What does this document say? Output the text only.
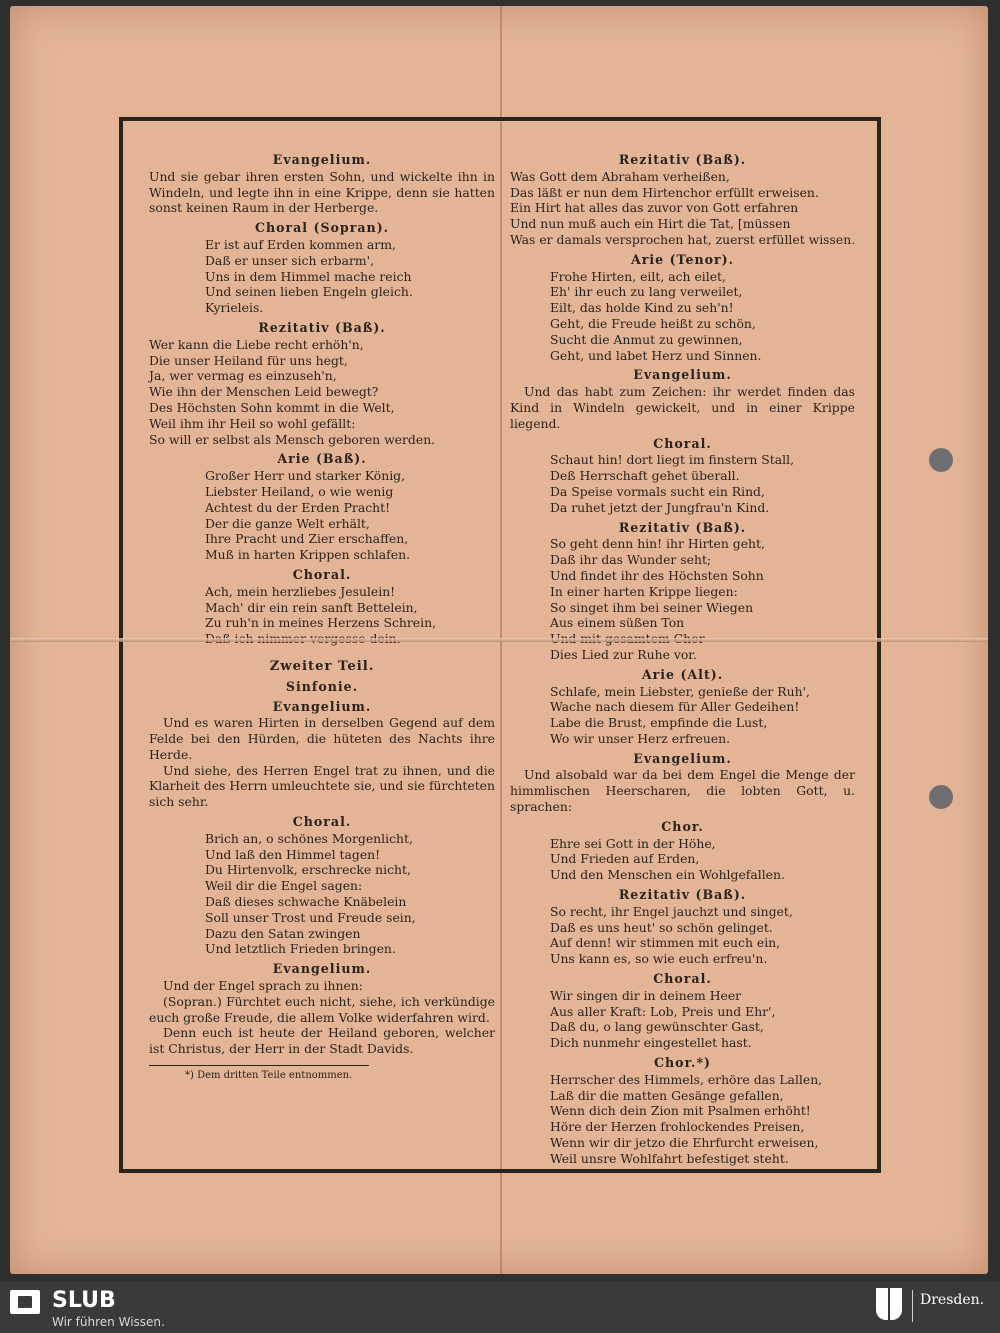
Evangelium.

Und sie gebar ihren ersten Sohn, und wickelte ihn in Windeln, und legte ihn in eine Krippe, denn sie hatten sonst keinen Raum in der Herberge.

Choral (Sopran).
Er ist auf Erden kommen arm,
Daß er unser sich erbarm',
Uns in dem Himmel mache reich
Und seinen lieben Engeln gleich.
Kyrieleis.
Rezitativ (Baß).
Wer kann die Liebe recht erhöh'n,
Die unser Heiland für uns hegt,
Ja, wer vermag es einzuseh'n,
Wie ihn der Menschen Leid bewegt?
Des Höchsten Sohn kommt in die Welt,
Weil ihm ihr Heil so wohl gefällt:
So will er selbst als Mensch geboren werden.
Arie (Baß).
Großer Herr und starker König,
Liebster Heiland, o wie wenig
Achtest du der Erden Pracht!
Der die ganze Welt erhält,
Ihre Pracht und Zier erschaffen,
Muß in harten Krippen schlafen.
Choral.
Ach, mein herzliebes Jesulein!
Mach' dir ein rein sanft Bettelein,
Zu ruh'n in meines Herzens Schrein,
Zweiter Teil.
Sinfonie.
Evangelium.

Und es waren Hirten in derselben Gegend auf dem Felde bei den Hürden, die hüteten des Nachts ihre Herde.

Und siehe, des Herren Engel trat zu ihnen, und die Klarheit des Herrn umleuchtete sie, und sie fürchteten sich sehr.

Choral.
Brich an, o schönes Morgenlicht,
Und laß den Himmel tagen!
Du Hirtenvolk, erschrecke nicht,
Weil dir die Engel sagen:
Daß dieses schwache Knäbelein
Soll unser Trost und Freude sein,
Dazu den Satan zwingen
Und letztlich Frieden bringen.
Evangelium.

Und der Engel sprach zu ihnen:

(Sopran.) Fürchtet euch nicht, siehe, ich verkündige euch große Freude, die allem Volke widerfahren wird.

Denn euch ist heute der Heiland geboren, welcher ist Christus, der Herr in der Stadt Davids.

*) Dem dritten Teile entnommen.
Rezitativ (Baß).
Was Gott dem Abraham verheißen,
Das läßt er nun dem Hirtenchor erfüllt erweisen.
Ein Hirt hat alles das zuvor von Gott erfahren
Und nun muß auch ein Hirt die Tat, [müssen
Was er damals versprochen hat, zuerst erfüllet wissen.
Arie (Tenor).
Frohe Hirten, eilt, ach eilet,
Eh' ihr euch zu lang verweilet,
Eilt, das holde Kind zu seh'n!
Geht, die Freude heißt zu schön,
Sucht die Anmut zu gewinnen,
Geht, und labet Herz und Sinnen.
Evangelium.

Und das habt zum Zeichen: ihr werdet finden das Kind in Windeln gewickelt, und in einer Krippe liegend.

Choral.
Schaut hin! dort liegt im finstern Stall,
Deß Herrschaft gehet überall.
Da Speise vormals sucht ein Rind,
Da ruhet jetzt der Jungfrau'n Kind.
Rezitativ (Baß).
So geht denn hin! ihr Hirten geht,
Daß ihr das Wunder seht;
Und findet ihr des Höchsten Sohn
In einer harten Krippe liegen:
So singet ihm bei seiner Wiegen
Aus einem süßen Ton
Dies Lied zur Ruhe vor.
Arie (Alt).
Schlafe, mein Liebster, genieße der Ruh',
Wache nach diesem für Aller Gedeihen!
Labe die Brust, empfinde die Lust,
Wo wir unser Herz erfreuen.
Evangelium.

Und alsobald war da bei dem Engel die Menge der himmlischen Heerscharen, die lobten Gott, u. sprachen:

Chor.
Ehre sei Gott in der Höhe,
Und Frieden auf Erden,
Und den Menschen ein Wohlgefallen.
Rezitativ (Baß).
So recht, ihr Engel jauchzt und singet,
Daß es uns heut' so schön gelinget.
Auf denn! wir stimmen mit euch ein,
Uns kann es, so wie euch erfreu'n.
Choral.
Wir singen dir in deinem Heer
Aus aller Kraft: Lob, Preis und Ehr',
Daß du, o lang gewünschter Gast,
Dich nunmehr eingestellet hast.
Chor.*)
Herrscher des Himmels, erhöre das Lallen,
Laß dir die matten Gesänge gefallen,
Wenn dich dein Zion mit Psalmen erhöht!
Höre der Herzen frohlockendes Preisen,
Wenn wir dir jetzo die Ehrfurcht erweisen,
Weil unsre Wohlfahrt befestiget steht.
SLUB
Wir führen Wissen.
Dresden.
